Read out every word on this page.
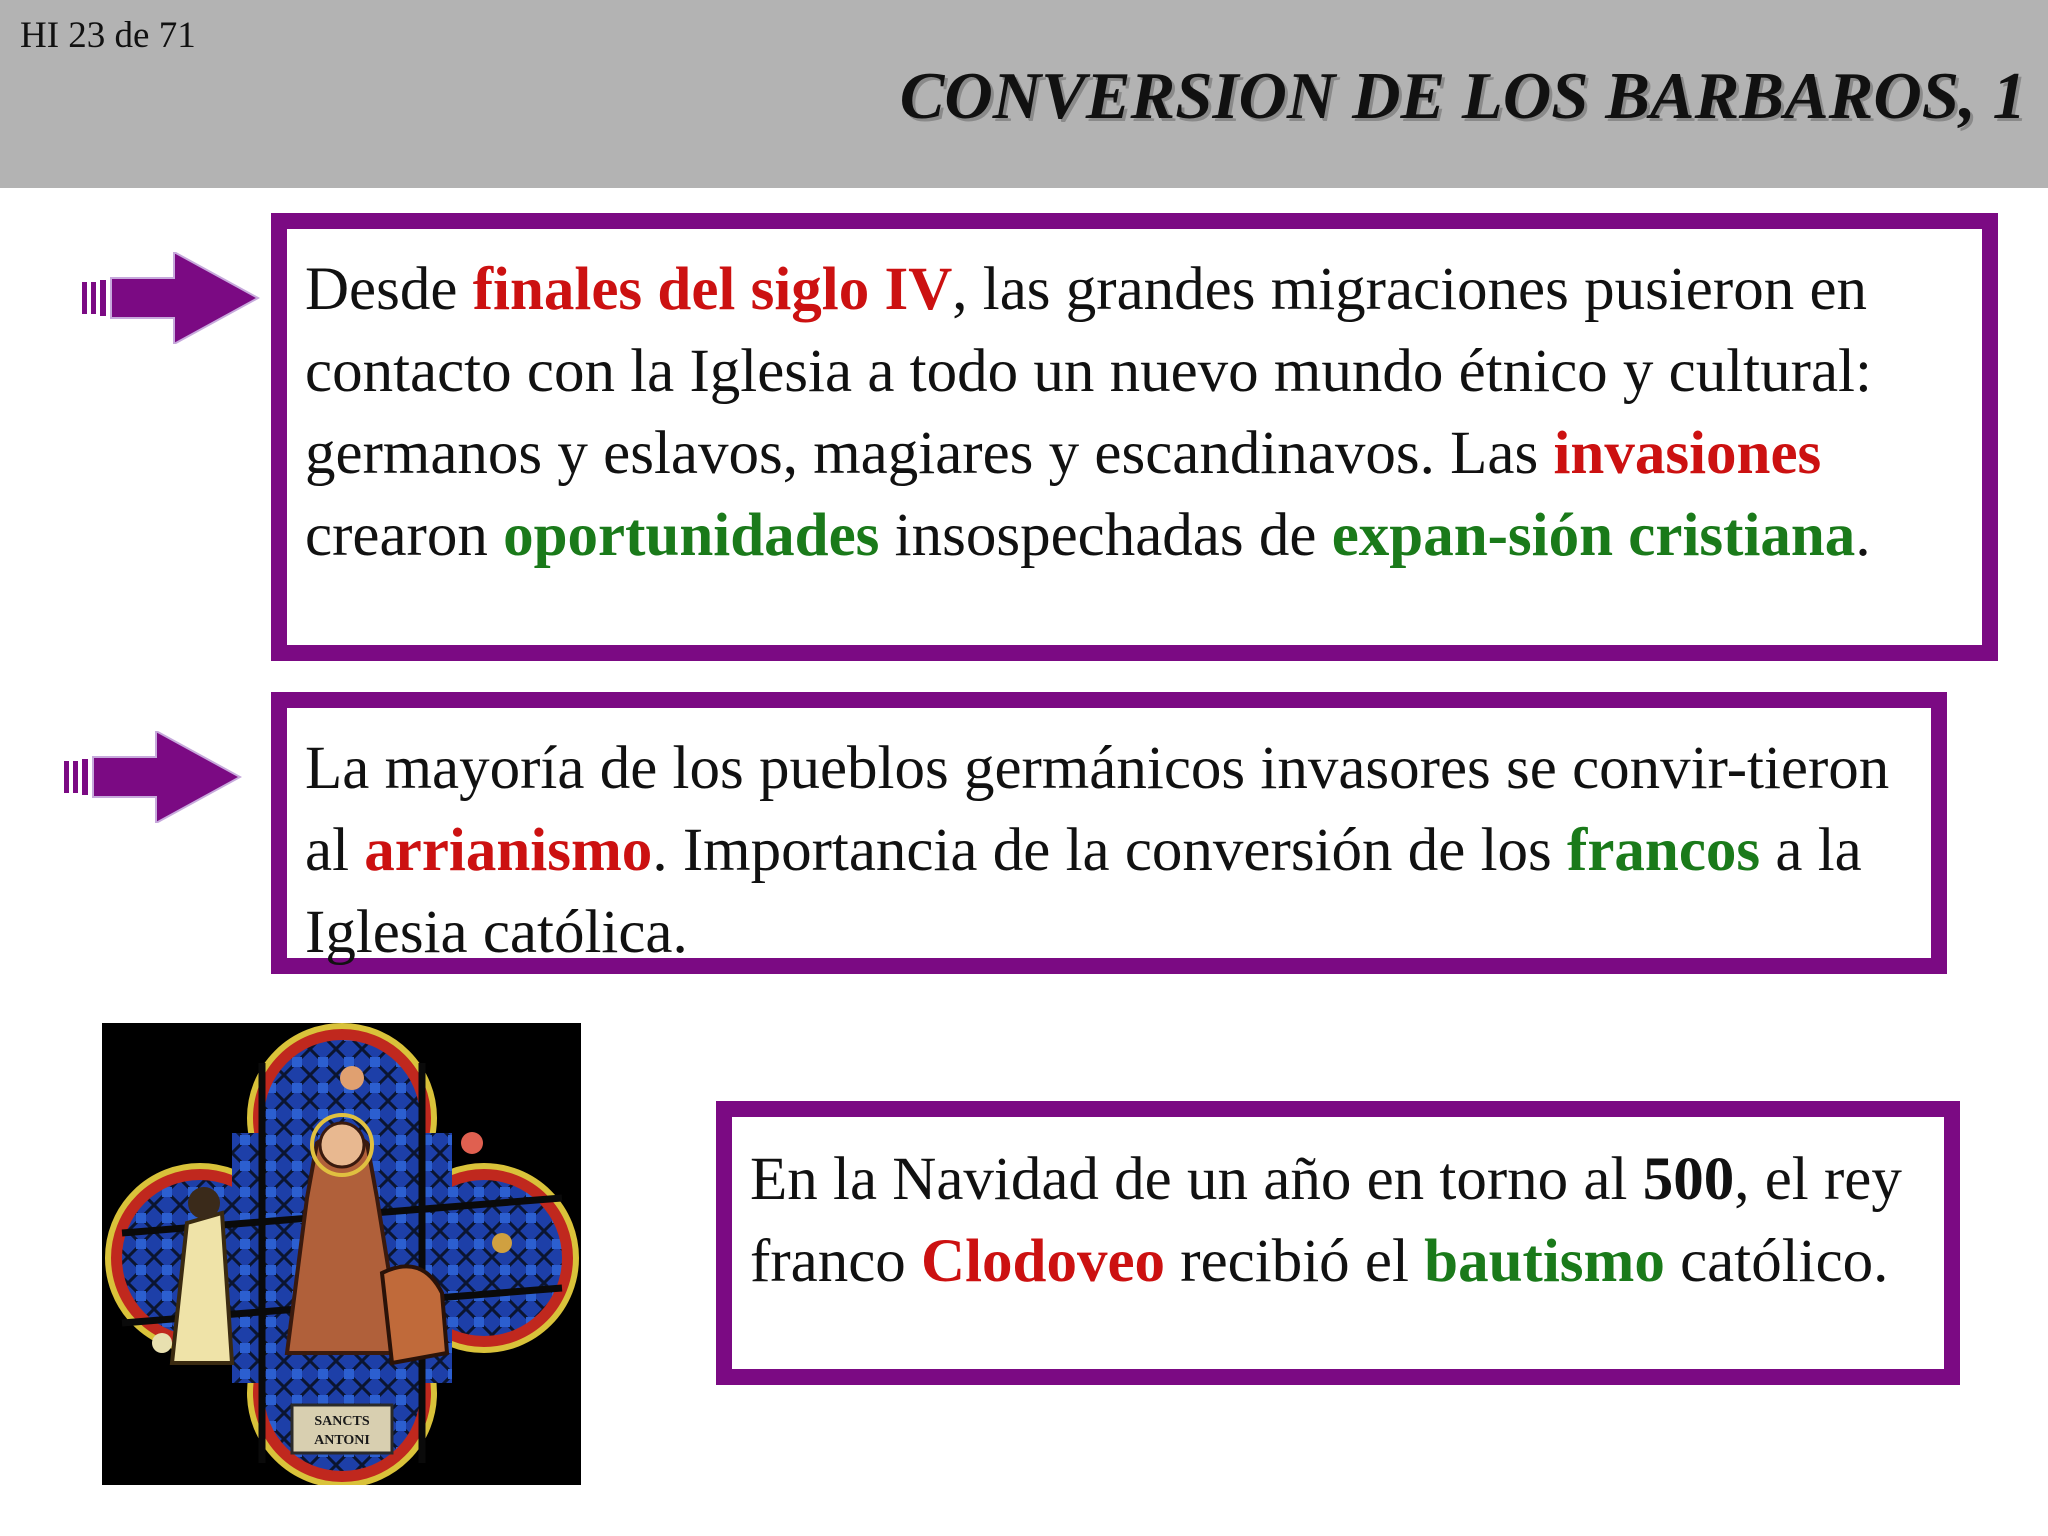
HI 23 de 71
CONVERSION DE LOS BARBAROS, 1
Desde finales del siglo IV, las grandes migraciones pusieron en contacto con la Iglesia a todo un nuevo mundo étnico y cultural: germanos y eslavos, magiares y escandinavos. Las invasiones crearon oportunidades insospechadas de expan-sión cristiana.
La mayoría de los pueblos germánicos invasores se convir-tieron al arrianismo. Importancia de la conversión de los francos a la Iglesia católica.
SANCTS
ANTONI
En la Navidad de un año en torno al 500, el rey franco Clodoveo recibió el bautismo católico.
